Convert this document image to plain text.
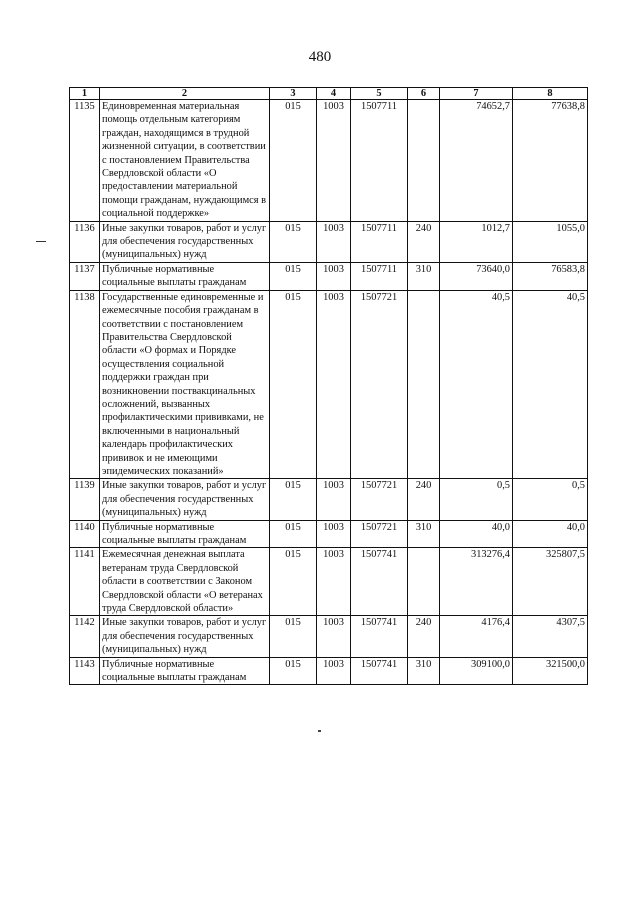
480
1	2	3	4	5	6	7	8
1135	Единовременная материальная помощь отдельным категориям граждан, находящимся в трудной жизненной ситуации, в соответствии с постановлением Правительства Свердловской области «О предоставлении материальной помощи гражданам, нуждающимся в социальной поддержке»	015	1003	1507711		74652,7	77638,8
1136	Иные закупки товаров, работ и услуг для обеспечения государственных (муниципальных) нужд	015	1003	1507711	240	1012,7	1055,0
1137	Публичные нормативные социальные выплаты гражданам	015	1003	1507711	310	73640,0	76583,8
1138	Государственные единовременные и ежемесячные пособия гражданам в соответствии с постановлением Правительства Свердловской области «О формах и Порядке осуществления социальной поддержки граждан при возникновении поствакцинальных осложнений, вызванных профилактическими прививками, не включенными в национальный календарь профилактических прививок и не имеющими эпидемических показаний»	015	1003	1507721		40,5	40,5
1139	Иные закупки товаров, работ и услуг для обеспечения государственных (муниципальных) нужд	015	1003	1507721	240	0,5	0,5
1140	Публичные нормативные социальные выплаты гражданам	015	1003	1507721	310	40,0	40,0
1141	Ежемесячная денежная выплата ветеранам труда Свердловской области в соответствии с Законом Свердловской области «О ветеранах труда Свердловской области»	015	1003	1507741		313276,4	325807,5
1142	Иные закупки товаров, работ и услуг для обеспечения государственных (муниципальных) нужд	015	1003	1507741	240	4176,4	4307,5
1143	Публичные нормативные социальные выплаты гражданам	015	1003	1507741	310	309100,0	321500,0
